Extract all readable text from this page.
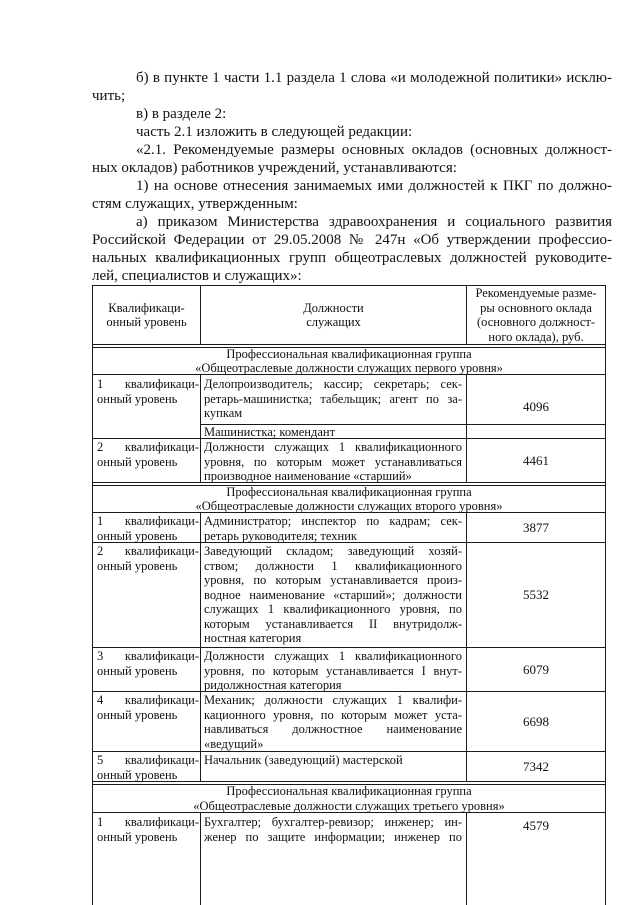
б) в пункте 1 части 1.1 раздела 1 слова «и молодежной политики» исклю-

чить;

в) в разделе 2:

часть 2.1 изложить в следующей редакции:

«2.1. Рекомендуемые размеры основных окладов (основных должност-

ных окладов) работников учреждений, устанавливаются:

1) на основе отнесения занимаемых ими должностей к ПКГ по должно-

стям служащих, утвержденным:

а) приказом Министерства здравоохранения и социального развития

Российской Федерации от 29.05.2008 № 247н «Об утверждении профессио-

нальных квалификационных групп общеотраслевых должностей руководите-

лей, специалистов и служащих»:

Квалификаци-
онный уровень
Должности
служащих
Рекомендуемые разме-
ры основного оклада
(основного должност-
ного оклада), руб.
Профессиональная квалификационная группа
«Общеотраслевые должности служащих первого уровня»
1 квалификаци-
онный уровень
Делопроизводитель; кассир; секретарь; сек-
ретарь-машинистка; табельщик; агент по за-
купкам
Машинистка; комендант
4096
2 квалификаци-
онный уровень
Должности служащих 1 квалификационного
уровня, по которым может устанавливаться
производное наименование «старший»
4461
Профессиональная квалификационная группа
«Общеотраслевые должности служащих второго уровня»
1 квалификаци-
онный уровень
Администратор; инспектор по кадрам; сек-
ретарь руководителя; техник
3877
2 квалификаци-
онный уровень
Заведующий складом; заведующий хозяй-
ством; должности 1 квалификационного
уровня, по которым устанавливается произ-
водное наименование «старший»; должности
служащих 1 квалификационного уровня, по
которым устанавливается II внутридолж-
ностная категория
5532
3 квалификаци-
онный уровень
Должности служащих 1 квалификационного
уровня, по которым устанавливается I внут-
ридолжностная категория
6079
4 квалификаци-
онный уровень
Механик; должности служащих 1 квалифи-
кационного уровня, по которым может уста-
навливаться должностное наименование
«ведущий»
6698
5 квалификаци-
онный уровень
Начальник (заведующий) мастерской	7342
Профессиональная квалификационная группа
«Общеотраслевые должности служащих третьего уровня»
1 квалификаци-
онный уровень
Бухгалтер; бухгалтер-ревизор; инженер; ин-
женер по защите информации; инженер по
4579
